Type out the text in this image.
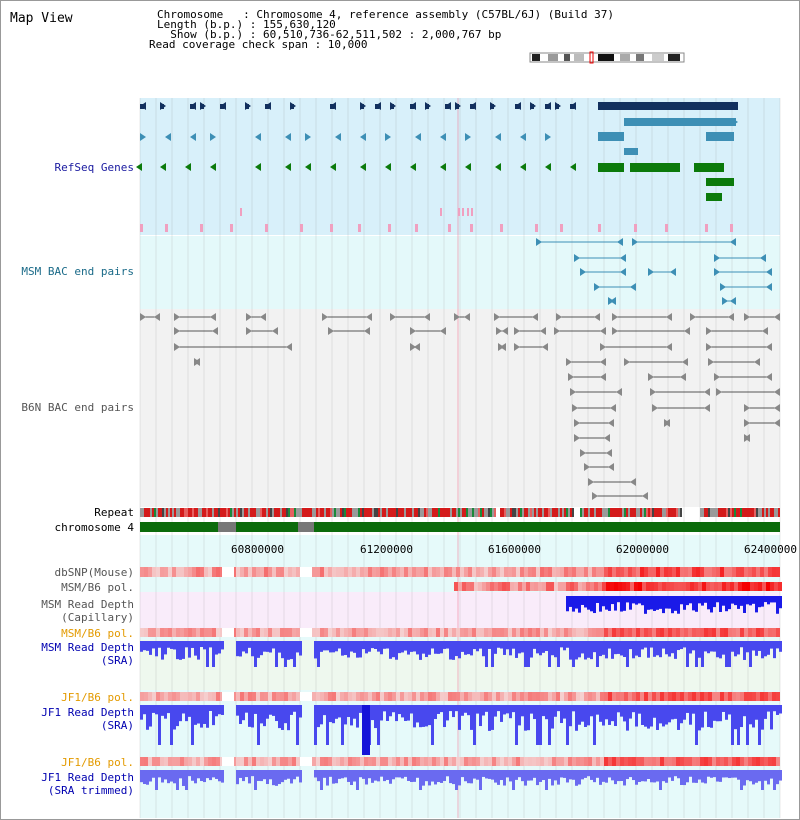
Map View	Chromosome   : Chromosome 4, reference assembly (C57BL/6J) (Build 37)
Length (b.p.) : 155,630,120
Show (b.p.) : 60,510,736-62,511,502 : 2,000,767 bp
Read coverage check span : 10,000
RefSeq Genes
MSM BAC end pairs
B6N BAC end pairs
Repeat
chromosome 4
dbSNP(Mouse)
MSM/B6 pol.
MSM Read Depth
(Capillary)
MSM/B6 pol.
MSM Read Depth
(SRA)
JF1/B6 pol.
JF1 Read Depth
(SRA)
JF1/B6 pol.
JF1 Read Depth
(SRA trimmed)
60800000	61200000	61600000	62000000	62400000
